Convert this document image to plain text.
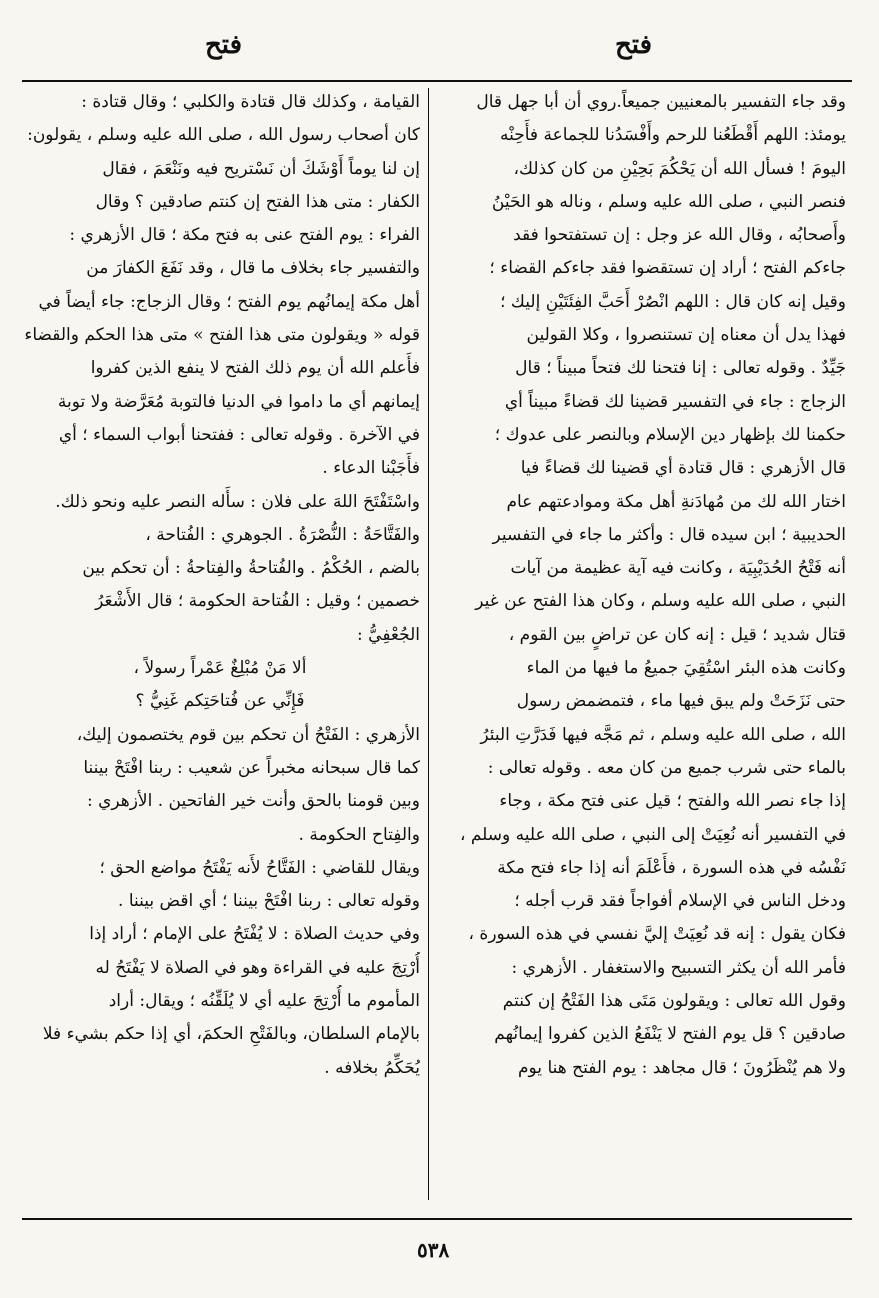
فتح
فتح
وقد جاء التفسير بالمعنيين جميعاً.روي أن أبا جهل قال
يومئذ: اللهم أَقْطَعُنا للرحم وأَفْسَدُنا للجماعة فأَحِنْه
اليومَ ! فسأل الله أن يَحْكُمَ بَحِيْنِ من كان كذلك،
فنصر النبي ، صلى الله عليه وسلم ، وناله هو الحَيْنُ
وأَصحابُه ، وقال الله عز وجل : إن تستفتحوا فقد
جاءكم الفتح ؛ أراد إن تستقضوا فقد جاءكم القضاء ؛
وقيل إنه كان قال : اللهم انْصُرْ أَحَبَّ الفِئَتَيْنِ إليك ؛
فهذا يدل أن معناه إن تستنصروا ، وكلا القولين
جَيِّدٌ . وقوله تعالى : إنا فتحنا لك فتحاً مبيناً ؛ قال
الزجاج : جاء في التفسير قضينا لك قضاءً مبيناً أي
حكمنا لك بإظهار دين الإسلام وبالنصر على عدوك ؛
قال الأزهري : قال قتادة أي قضينا لك قضاءً فيا
اختار الله لك من مُهادَنةِ أهل مكة وموادعتهم عام
الحديبية ؛ ابن سيده قال : وأكثر ما جاء في التفسير
أنه فَتْحُ الحُدَيْبِيَة ، وكانت فيه آية عظيمة من آيات
النبي ، صلى الله عليه وسلم ، وكان هذا الفتح عن غير
قتال شديد ؛ قيل : إنه كان عن تراضٍ بين القوم ،
وكانت هذه البئر اسْتُقِيَ جميعُ ما فيها من الماء
حتى نَزَحَتْ ولم يبق فيها ماء ، فتمضمض رسول
الله ، صلى الله عليه وسلم ، ثم مَجَّه فيها فَدَرَّتِ البئرُ
بالماء حتى شرب جميع من كان معه . وقوله تعالى :
إذا جاء نصر الله والفتح ؛ قيل عنى فتح مكة ، وجاء
في التفسير أنه نُعِيَتْ إلى النبي ، صلى الله عليه وسلم ،
نَفْسُه في هذه السورة ، فأَعْلَمَ أنه إذا جاء فتح مكة
ودخل الناس في الإسلام أفواجاً فقد قرب أجله ؛
فكان يقول : إنه قد نُعِيَتْ إليَّ نفسي في هذه السورة ،
فأمر الله أن يكثر التسبيح والاستغفار . الأزهري :
وقول الله تعالى : ويقولون مَتَى هذا الفَتْحُ إن كنتم
صادقين ؟ قل يوم الفتح لا يَنْفَعُ الذين كفروا إيمانُهم
ولا هم يُنْظَرُونَ ؛ قال مجاهد : يوم الفتح هنا يوم
القيامة ، وكذلك قال قتادة والكلبي ؛ وقال قتادة :
كان أصحاب رسول الله ، صلى الله عليه وسلم ، يقولون:
إن لنا يوماً أَوْشَكَ أن نَسْتريح فيه ونَنْعَمَ ، فقال
الكفار : متى هذا الفتح إن كنتم صادقين ؟ وقال
الفراء : يوم الفتح عنى به فتح مكة ؛ قال الأزهري :
والتفسير جاء بخلاف ما قال ، وقد نَفَعَ الكفارَ من
أهل مكة إيمانُهم يوم الفتح ؛ وقال الزجاج: جاء أيضاً في
قوله « ويقولون متى هذا الفتح » متى هذا الحكم والقضاء
فأَعلم الله أن يوم ذلك الفتح لا ينفع الذين كفروا
إيمانهم أي ما داموا في الدنيا فالتوبة مُعَرَّضة ولا توبة
في الآخرة . وقوله تعالى : ففتحنا أبواب السماء ؛ أي
فأَجَبْنا الدعاء .
واسْتَفْتَحَ اللهَ على فلان : سأَله النصر عليه ونحو ذلك.
والفَتَّاحَةُ : النُّصْرَةُ . الجوهري : الفُتاحة ،
بالضم ، الحُكْمُ . والفُتاحةُ والفِتاحةُ : أن تحكم بين
خصمين ؛ وقيل : الفُتاحة الحكومة ؛ قال الأَشْعَرُ
الجُعْفِيُّ :
ألا مَنْ مُبْلِغٌ عَمْراً رسولاً ،
فَإِنِّي عن فُتاحَتِكم غَنِيُّ ؟
الأزهري : الفَتْحُ أن تحكم بين قوم يختصمون إليك،
كما قال سبحانه مخبراً عن شعيب : ربنا افْتَحْ بيننا
وبين قومنا بالحق وأنت خير الفاتحين . الأزهري :
والفِتاح الحكومة .
ويقال للقاضي : الفَتَّاحُ لأَنه يَفْتَحُ مواضع الحق ؛
وقوله تعالى : ربنا افْتَحْ بيننا ؛ أي اقض بيننا .
وفي حديث الصلاة : لا يُفْتَحُ على الإمام ؛ أراد إذا
أُرْتِجَ عليه في القراءة وهو في الصلاة لا يَفْتَحُ له
المأموم ما أُرْتِجَ عليه أي لا يُلَقِّنُه ؛ ويقال: أراد
بالإمام السلطان، وبالفَتْحِ الحكمَ، أي إذا حكم بشيء فلا
يُحَكِّمُ بخلافه .
٥٣٨
